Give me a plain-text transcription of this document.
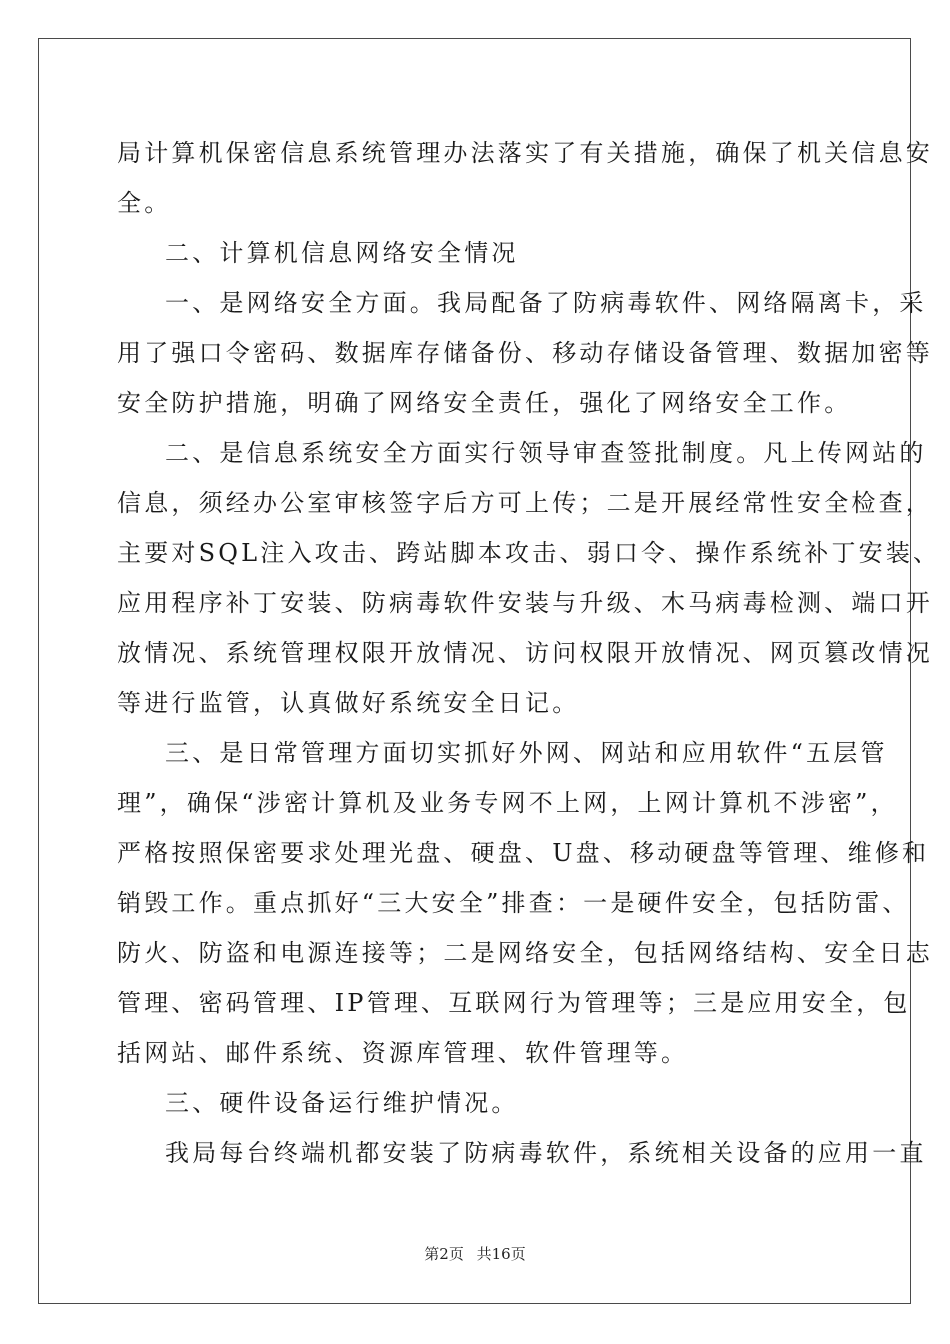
局计算机保密信息系统管理办法落实了有关措施，确保了机关信息安
全。
二、计算机信息网络安全情况
一、是网络安全方面。我局配备了防病毒软件、网络隔离卡，采
用了强口令密码、数据库存储备份、移动存储设备管理、数据加密等
安全防护措施，明确了网络安全责任，强化了网络安全工作。
二、是信息系统安全方面实行领导审查签批制度。凡上传网站的
信息，须经办公室审核签字后方可上传；二是开展经常性安全检查，
主要对SQL注入攻击、跨站脚本攻击、弱口令、操作系统补丁安装、
应用程序补丁安装、防病毒软件安装与升级、木马病毒检测、端口开
放情况、系统管理权限开放情况、访问权限开放情况、网页篡改情况
等进行监管，认真做好系统安全日记。
三、是日常管理方面切实抓好外网、网站和应用软件“五层管
理”，确保“涉密计算机及业务专网不上网，上网计算机不涉密”，
严格按照保密要求处理光盘、硬盘、U盘、移动硬盘等管理、维修和
销毁工作。重点抓好“三大安全”排查：一是硬件安全，包括防雷、
防火、防盗和电源连接等；二是网络安全，包括网络结构、安全日志
管理、密码管理、IP管理、互联网行为管理等；三是应用安全，包
括网站、邮件系统、资源库管理、软件管理等。
三、硬件设备运行维护情况。
我局每台终端机都安装了防病毒软件，系统相关设备的应用一直
第2页 共16页
